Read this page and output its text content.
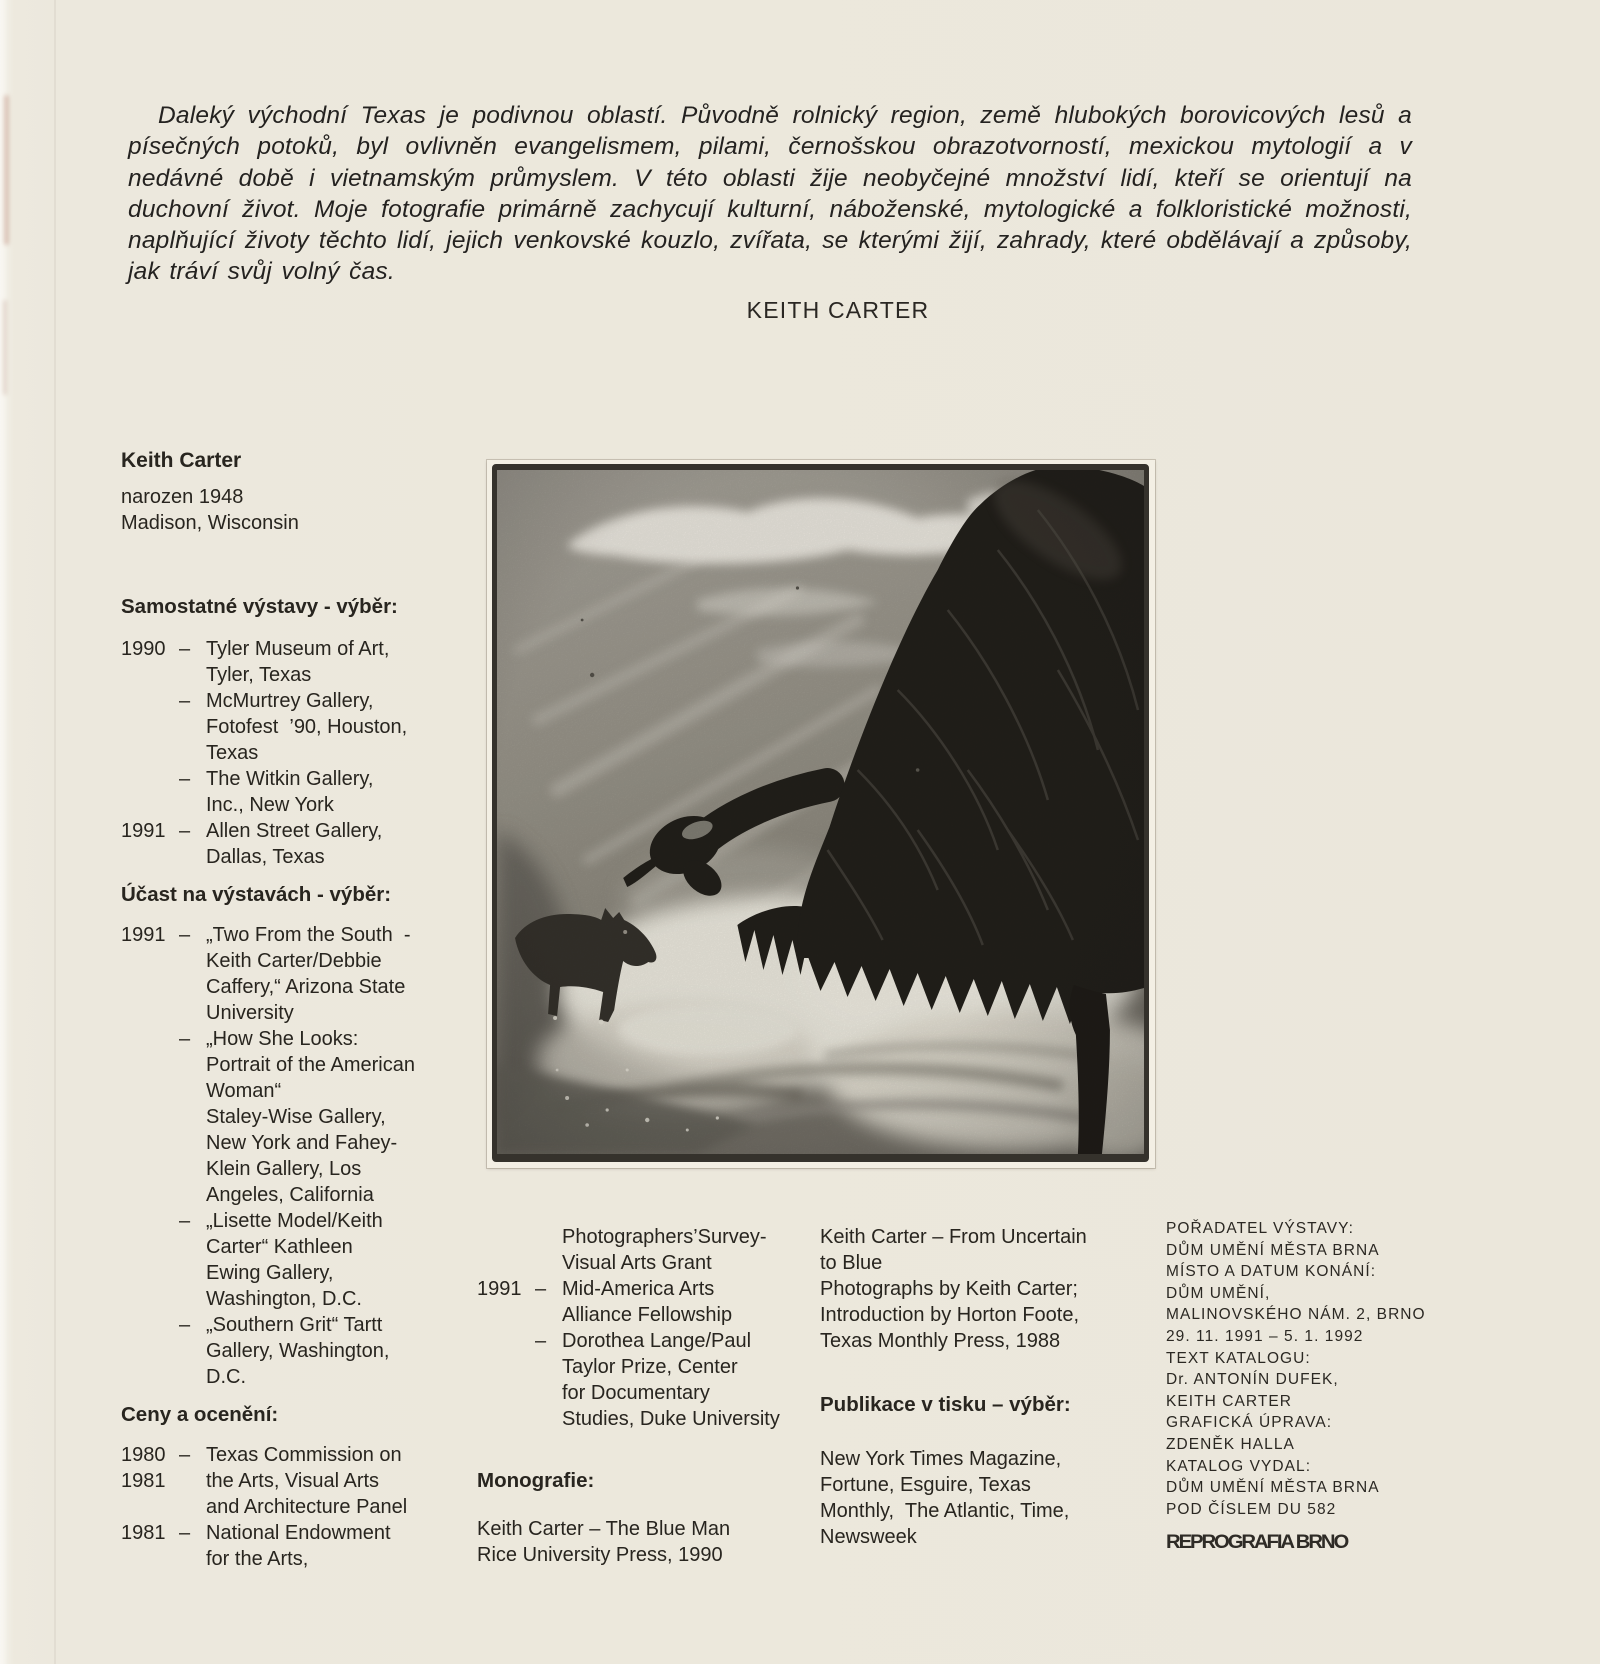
Daleký východní Texas je podivnou oblastí. Původně rolnický region, země hlubokých borovicových lesů a písečných potoků, byl ovlivněn evangelismem, pilami, černošskou obrazotvorností, mexickou mytologií a v nedávné době i vietnamským průmyslem. V této oblasti žije neobyčejné množství lidí, kteří se orientují na duchovní život. Moje fotografie primárně zachycují kulturní, náboženské, mytologické a folkloristické možnosti, naplňující životy těchto lidí, jejich venkovské kouzlo, zvířata, se kterými žijí, zahrady, které obdělávají a způsoby, jak tráví svůj volný čas.
KEITH CARTER
Keith Carter
narozen 1948
Madison, Wisconsin
Samostatné výstavy - výběr:
1990 – Tyler Museum of Art,
Tyler, Texas
– McMurtrey Gallery,
Fotofest  ’90, Houston,
Texas
– The Witkin Gallery,
Inc., New York
1991 – Allen Street Gallery,
Dallas, Texas
Účast na výstavách - výběr:
1991 – „Two From the South  -
Keith Carter/Debbie
Caffery,“ Arizona State
University
– „How She Looks:
Portrait of the American
Woman“
Staley-Wise Gallery,
New York and Fahey-
Klein Gallery, Los
Angeles, California
– „Lisette Model/Keith
Carter“ Kathleen
Ewing Gallery,
Washington, D.C.
– „Southern Grit“ Tartt
Gallery, Washington,
D.C.
Ceny a ocenění:
1980 – Texas Commission on
1981	the Arts, Visual Arts
and Architecture Panel
1981 – National Endowment
for the Arts,
Photographers’Survey-
Visual Arts Grant
1991 – Mid-America Arts
Alliance Fellowship
– Dorothea Lange/Paul
Taylor Prize, Center
for Documentary
Studies, Duke University
Monografie:
Keith Carter – The Blue Man
Rice University Press, 1990
Keith Carter – From Uncertain
to Blue
Photographs by Keith Carter;
Introduction by Horton Foote,
Texas Monthly Press, 1988
Publikace v tisku – výběr:
New York Times Magazine,
Fortune, Esguire, Texas
Monthly,  The Atlantic, Time,
Newsweek
POŘADATEL VÝSTAVY:
DŮM UMĚNÍ MĚSTA BRNA
MÍSTO A DATUM KONÁNÍ:
DŮM UMĚNÍ,
MALINOVSKÉHO NÁM. 2, BRNO
29. 11. 1991 – 5. 1. 1992
TEXT KATALOGU:
Dr. ANTONÍN DUFEK,
KEITH CARTER
GRAFICKÁ ÚPRAVA:
ZDENĚK HALLA
KATALOG VYDAL:
DŮM UMĚNÍ MĚSTA BRNA
POD ČÍSLEM DU 582
REPROGRAFIA BRNO
